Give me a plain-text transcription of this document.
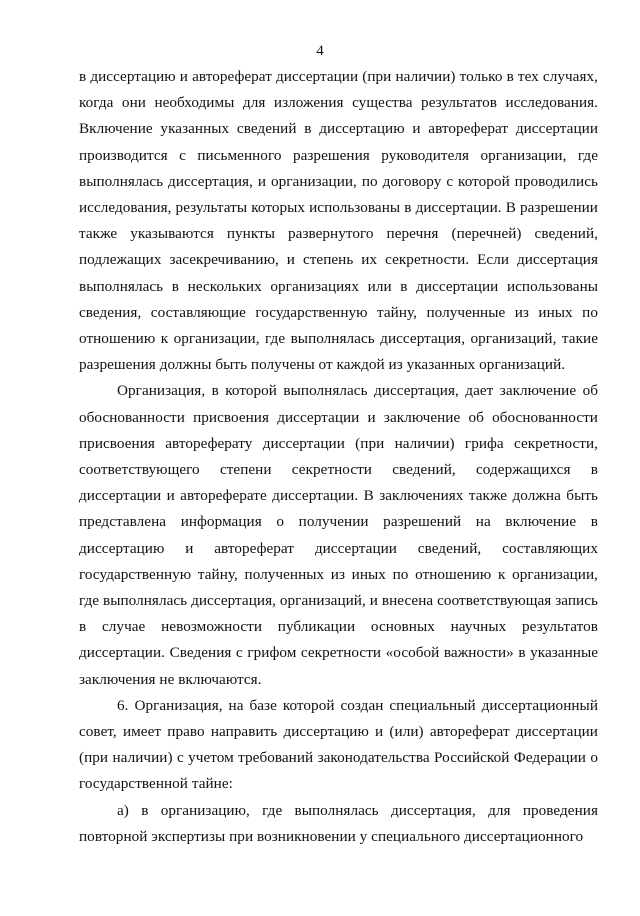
4

в диссертацию и автореферат диссертации (при наличии) только в тех случаях, когда они необходимы для изложения существа результатов исследования. Включение указанных сведений в диссертацию и автореферат диссертации производится с письменного разрешения руководителя организации, где выполнялась диссертация, и организации, по договору с которой проводились исследования, результаты которых использованы в диссертации. В разрешении также указываются пункты развернутого перечня (перечней) сведений, подлежащих засекречиванию, и степень их секретности. Если диссертация выполнялась в нескольких организациях или в диссертации использованы сведения, составляющие государственную тайну, полученные из иных по отношению к организации, где выполнялась диссертация, организаций, такие разрешения должны быть получены от каждой из указанных организаций.

Организация, в которой выполнялась диссертация, дает заключение об обоснованности присвоения диссертации и заключение об обоснованности присвоения автореферату диссертации (при наличии) грифа секретности, соответствующего степени секретности сведений, содержащихся в диссертации и автореферате диссертации. В заключениях также должна быть представлена информация о получении разрешений на включение в диссертацию и автореферат диссертации сведений, составляющих государственную тайну, полученных из иных по отношению к организации, где выполнялась диссертация, организаций, и внесена соответствующая запись в случае невозможности публикации основных научных результатов диссертации. Сведения с грифом секретности «особой важности» в указанные заключения не включаются.

6. Организация, на базе которой создан специальный диссертационный совет, имеет право направить диссертацию и (или) автореферат диссертации (при наличии) с учетом требований законодательства Российской Федерации о государственной тайне:

а) в организацию, где выполнялась диссертация, для проведения повторной экспертизы при возникновении у специального диссертационного
